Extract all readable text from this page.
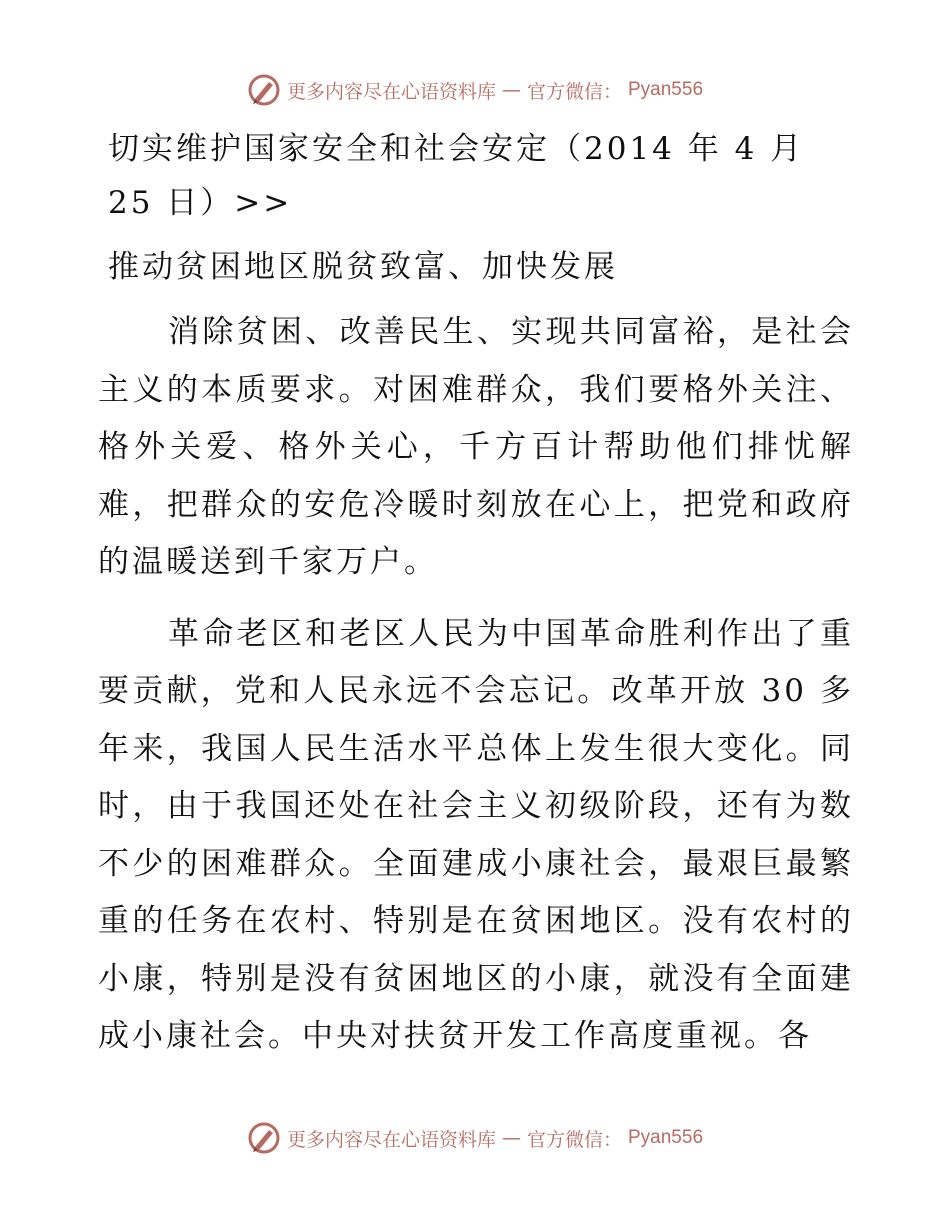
更多内容尽在心语资料库 — 官方微信： Pyan556

切实维护国家安全和社会安定（2014 年 4 月 25 日）>>

推动贫困地区脱贫致富、加快发展

消除贫困、改善民生、实现共同富裕，是社会主义的本质要求。对困难群众，我们要格外关注、格外关爱、格外关心，千方百计帮助他们排忧解难，把群众的安危冷暖时刻放在心上，把党和政府的温暖送到千家万户。

革命老区和老区人民为中国革命胜利作出了重要贡献，党和人民永远不会忘记。改革开放 30 多年来，我国人民生活水平总体上发生很大变化。同时，由于我国还处在社会主义初级阶段，还有为数不少的困难群众。全面建成小康社会，最艰巨最繁重的任务在农村、特别是在贫困地区。没有农村的小康，特别是没有贫困地区的小康，就没有全面建成小康社会。中央对扶贫开发工作高度重视。各

更多内容尽在心语资料库 — 官方微信： Pyan556
